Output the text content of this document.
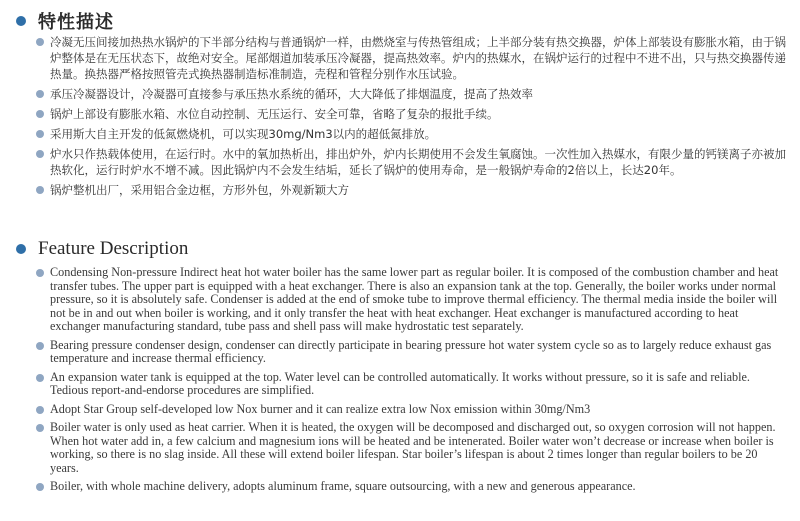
特性描述
冷凝无压间接加热热水锅炉的下半部分结构与普通锅炉一样，由燃烧室与传热管组成；上半部分装有热交换器，炉体上部装设有膨胀水箱，由于锅炉整体是在无压状态下，故绝对安全。尾部烟道加装承压冷凝器，提高热效率。炉内的热媒水，在锅炉运行的过程中不进不出，只与热交换器传递热量。换热器严格按照管壳式换热器制造标准制造，壳程和管程分别作水压试验。
承压冷凝器设计，冷凝器可直接参与承压热水系统的循环，大大降低了排烟温度，提高了热效率
锅炉上部设有膨胀水箱、水位自动控制、无压运行、安全可靠，省略了复杂的报批手续。
采用斯大自主开发的低氮燃烧机，可以实现30mg/Nm3以内的超低氮排放。
炉水只作热载体使用，在运行时。水中的氧加热析出，排出炉外，炉内长期使用不会发生氧腐蚀。一次性加入热媒水，有限少量的钙镁离子亦被加热软化，运行时炉水不增不减。因此锅炉内不会发生结垢，延长了锅炉的使用寿命，是一般锅炉寿命的2倍以上，长达20年。
锅炉整机出厂，采用铝合金边框，方形外包，外观新颖大方
Feature Description
Condensing Non-pressure Indirect heat hot water boiler has the same lower part as regular boiler. It is composed of the combustion chamber and heat transfer tubes. The upper part is equipped with a heat exchanger. There is also an expansion tank at the top. Generally, the boiler works under normal pressure, so it is absolutely safe. Condenser is added at the end of smoke tube to improve thermal efficiency. The thermal media inside the boiler will not be in and out when boiler is working, and it only transfer the heat with heat exchanger. Heat exchanger is manufactured according to heat exchanger manufacturing standard, tube pass and shell pass will make hydrostatic test separately.
Bearing pressure condenser design, condenser can directly participate in bearing pressure hot water system cycle so as to largely reduce exhaust gas temperature and increase thermal efficiency.
An expansion water tank is equipped at the top. Water level can be controlled automatically. It works without pressure, so it is safe and reliable. Tedious report-and-endorse procedures are simplified.
Adopt Star Group self-developed low Nox burner and it can realize extra low Nox emission within 30mg/Nm3
Boiler water is only used as heat carrier. When it is heated, the oxygen will be decomposed and discharged out, so oxygen corrosion will not happen. When hot water add in, a few calcium and magnesium ions will be heated and be intenerated. Boiler water won’t decrease or increase when boiler is working, so there is no slag inside. All these will extend boiler lifespan. Star boiler’s lifespan is about 2 times longer than regular boilers to be 20 years.
Boiler, with whole machine delivery, adopts aluminum frame, square outsourcing, with a new and generous appearance.
